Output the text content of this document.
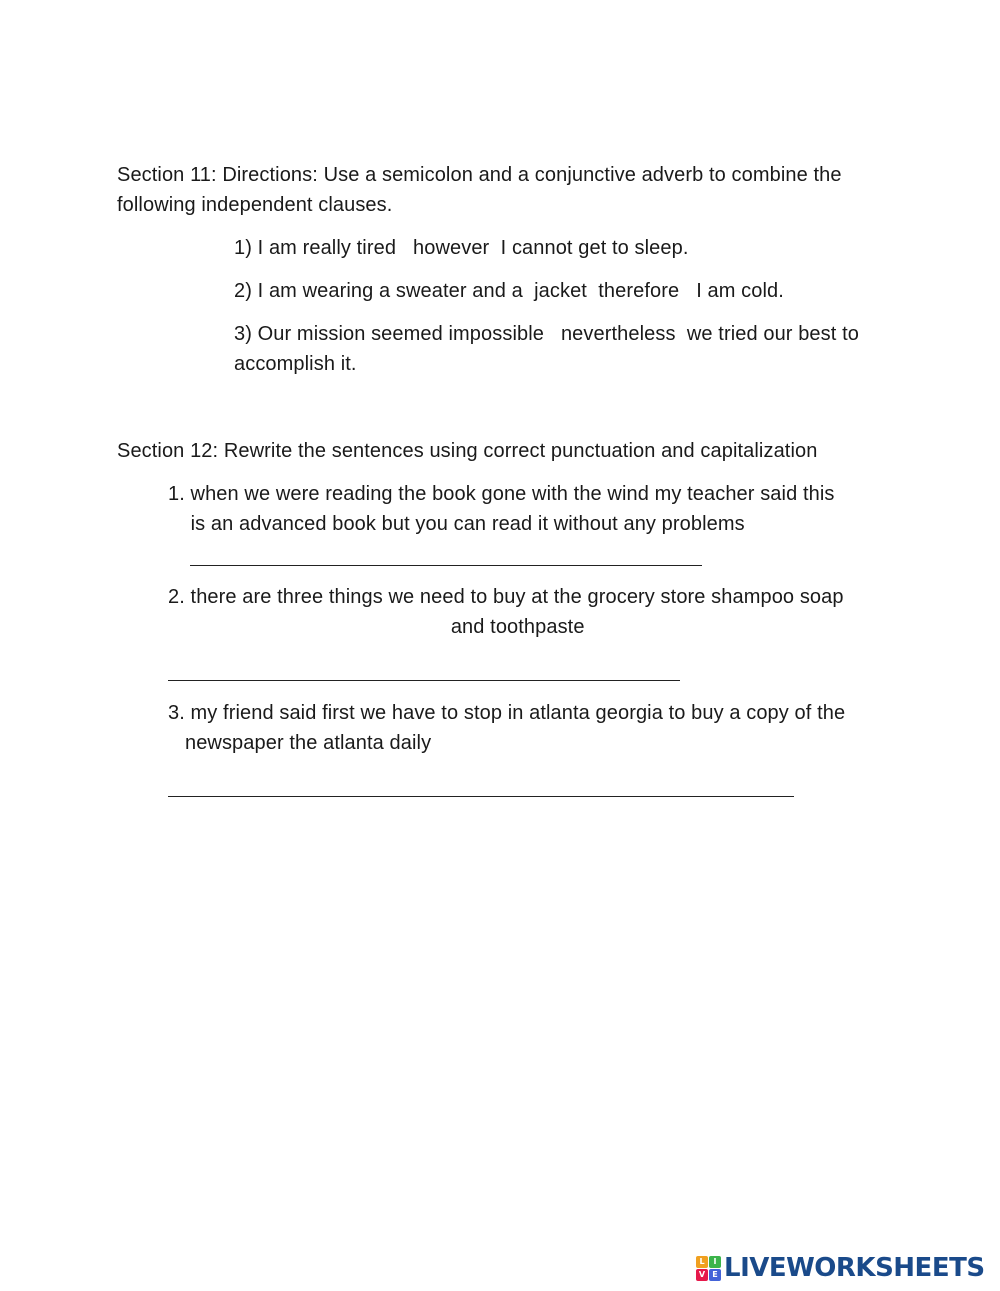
Section 11: Directions: Use a semicolon and a conjunctive adverb to combine the following independent clauses.
1) I am really tired   however  I cannot get to sleep.
2) I am wearing a sweater and a  jacket  therefore   I am cold.
3) Our mission seemed impossible   nevertheless  we tried our best to accomplish it.
Section 12: Rewrite the sentences using correct punctuation and capitalization
1. when we were reading the book gone with the wind my teacher said this
is an advanced book but you can read it without any problems
2. there are three things we need to buy at the grocery store shampoo soap
and toothpaste
3. my friend said first we have to stop in atlanta georgia to buy a copy of the
newspaper the atlanta daily
L	I
V E LIVEWORKSHEETS
